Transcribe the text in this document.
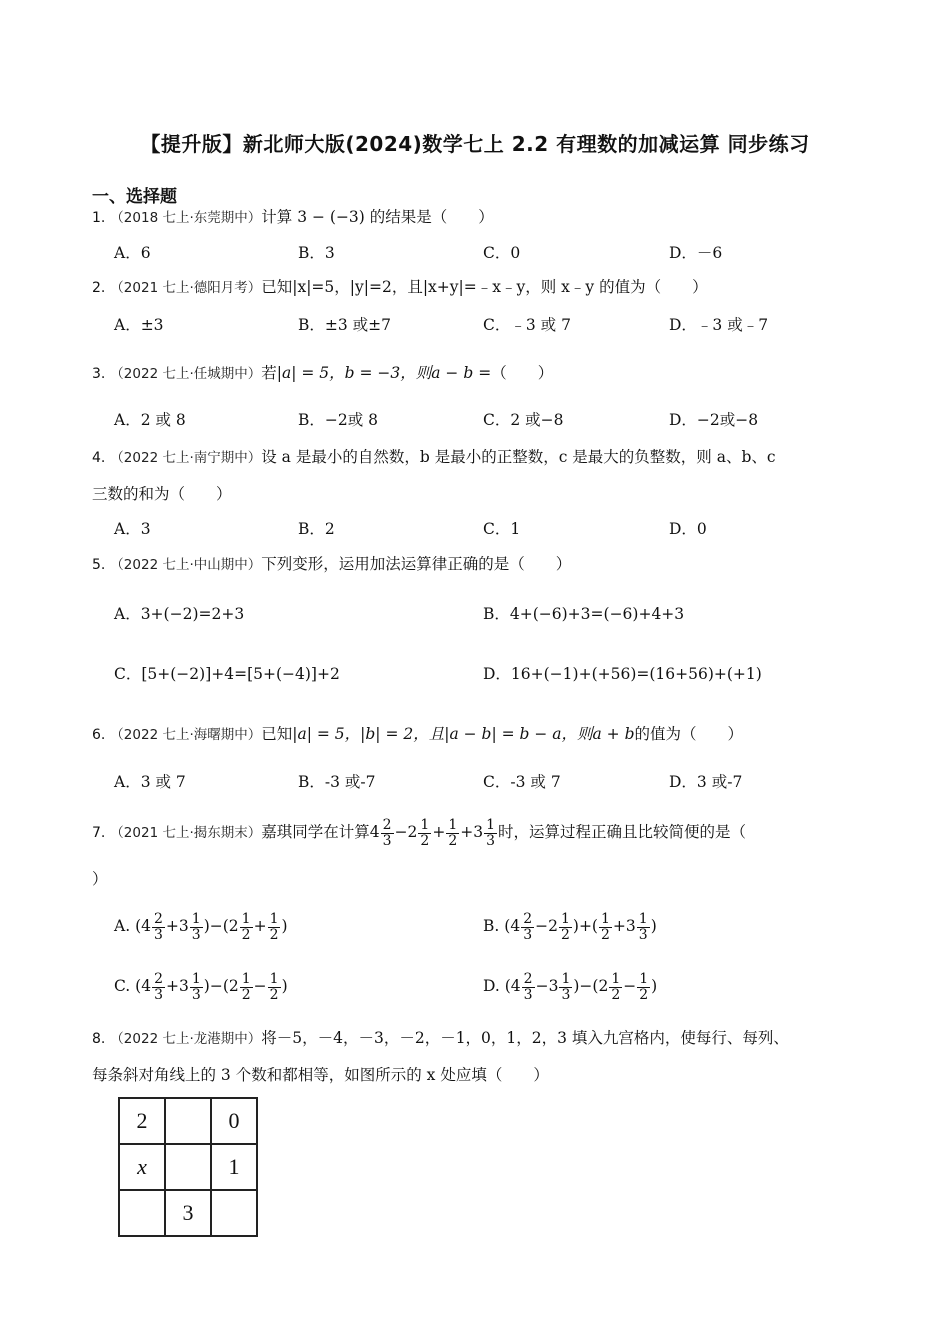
【提升版】新北师大版(2024)数学七上 2.2 有理数的加减运算 同步练习
一、选择题
1. （2018 七上·东莞期中）计算 3 − (−3) 的结果是（　　）
A．6	B．3	C．0	D．－6
2. （2021 七上·德阳月考）已知|x|=5，|y|=2，且|x+y|=﹣x﹣y，则 x﹣y 的值为（　　）
A．±3	B．±3 或±7	C．﹣3 或 7	D．﹣3 或﹣7
3. （2022 七上·任城期中）若|a| = 5，b = −3，则a − b =（　　）
A．2 或 8	B．−2或 8	C．2 或−8	D．−2或−8
4. （2022 七上·南宁期中）设 a 是最小的自然数，b 是最小的正整数，c 是最大的负整数，则 a、b、c
三数的和为（　　）
A．3	B．2	C．1	D．0
5. （2022 七上·中山期中）下列变形，运用加法运算律正确的是（　　）
A．3+(−2)=2+3	B．4+(−6)+3=(−6)+4+3
C．[5+(−2)]+4=[5+(−4)]+2	D．16+(−1)+(+56)=(16+56)+(+1)
6. （2022 七上·海曙期中）已知|a| = 5，|b| = 2，且|a − b| = b − a，则a + b的值为（　　）
A．3 或 7	B．-3 或-7	C．-3 或 7	D．3 或-7
7. （2021 七上·揭东期末）嘉琪同学在计算$4 \frac{2}{3} -2 \frac{1}{2} + \frac{1}{2} +3 \frac{1}{3}$ 时，运算过程正确且比较简便的是（
）
A. $(4 \frac{2}{3} +3 \frac{1}{3} )-(2 \frac{1}{2} + \frac{1}{2}$ )	B. ($4 \frac{2}{3} -2 \frac{1}{2}$ )+( $\frac{1}{2} +3 \frac{1}{3}$ )
C. $(4 \frac{2}{3} +3 \frac{1}{3} )-(2 \frac{1}{2} - \frac{1}{2}$ )	D. $(4 \frac{2}{3} -3 \frac{1}{3} )-(2 \frac{1}{2} - \frac{1}{2}$ )
8. （2022 七上·龙港期中）将－5，－4，－3，－2，－1，0，1，2，3 填入九宫格内，使每行、每列、
每条斜对角线上的 3 个数和都相等，如图所示的 x 处应填（　　）
2		0
x		1
	3	
